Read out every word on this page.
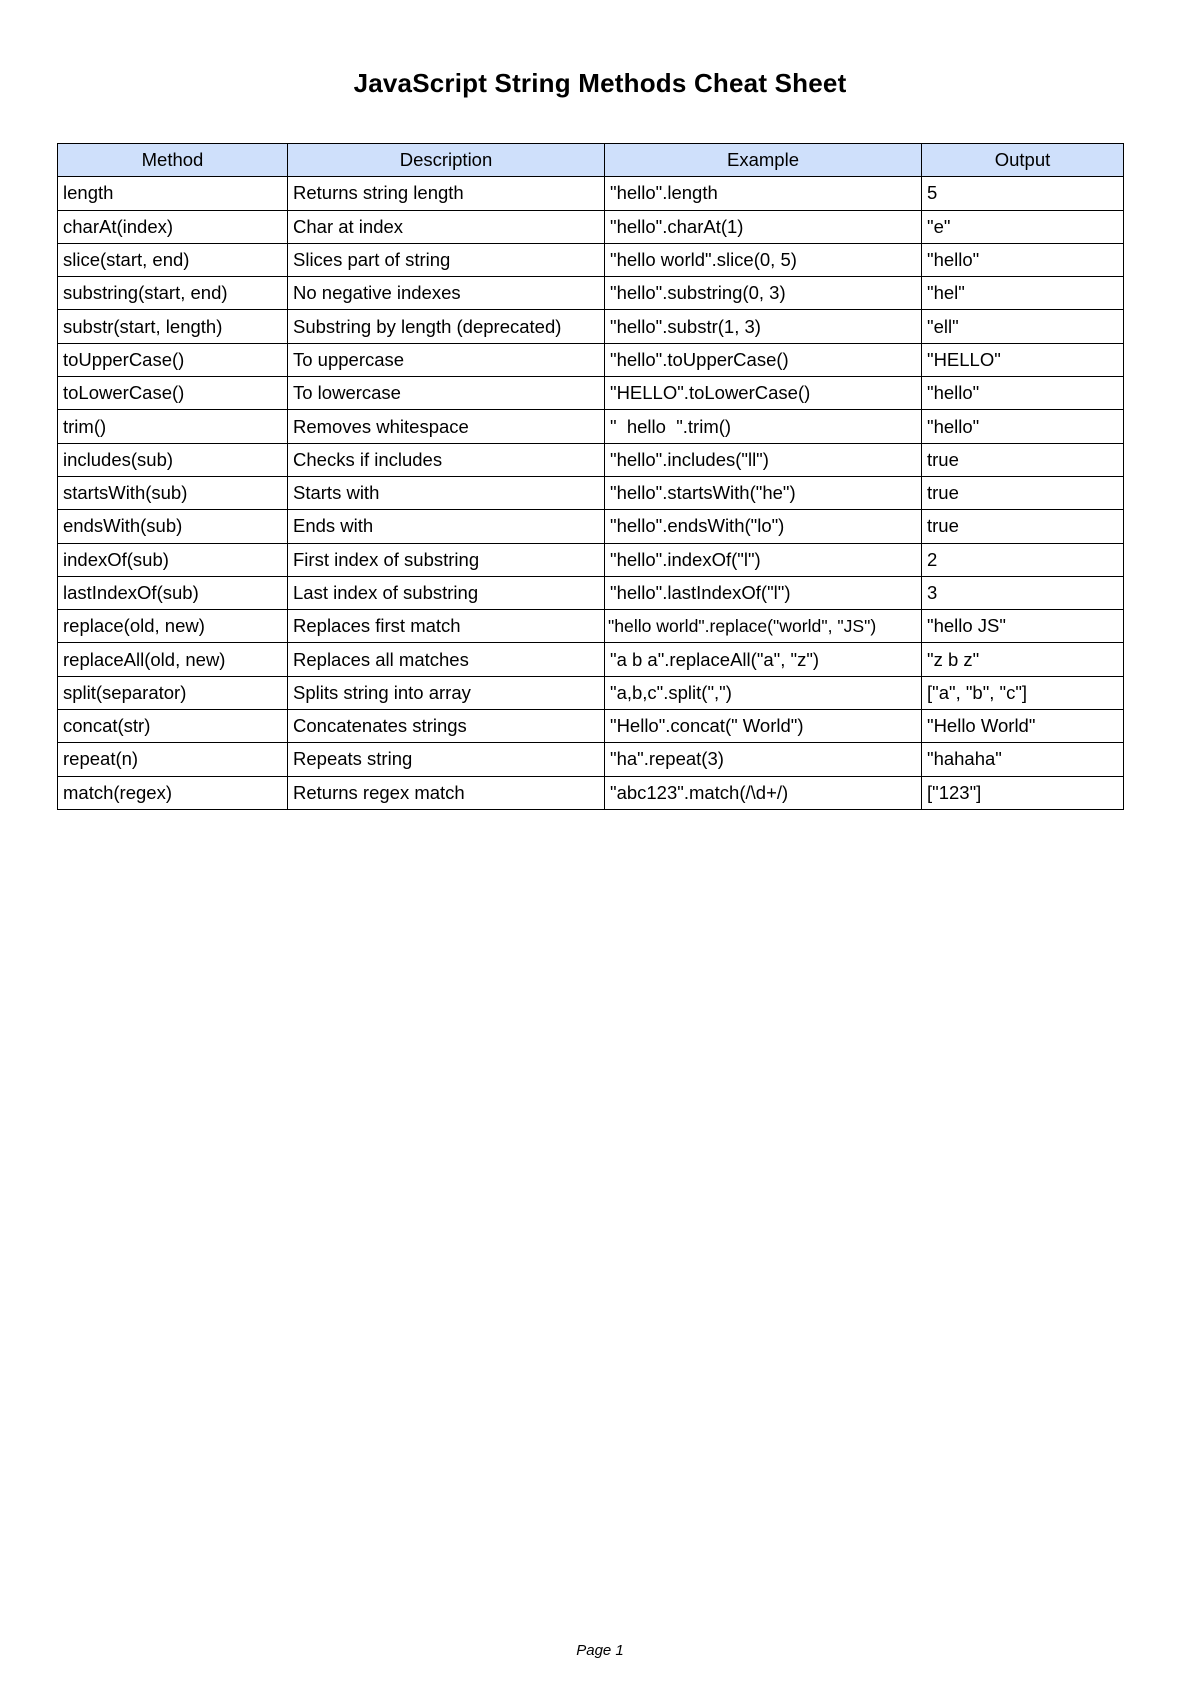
JavaScript String Methods Cheat Sheet
Method	Description	Example	Output
length	Returns string length	"hello".length	5
charAt(index)	Char at index	"hello".charAt(1)	"e"
slice(start, end)	Slices part of string	"hello world".slice(0, 5)	"hello"
substring(start, end)	No negative indexes	"hello".substring(0, 3)	"hel"
substr(start, length)	Substring by length (deprecated)	"hello".substr(1, 3)	"ell"
toUpperCase()	To uppercase	"hello".toUpperCase()	"HELLO"
toLowerCase()	To lowercase	"HELLO".toLowerCase()	"hello"
trim()	Removes whitespace	"  hello  ".trim()	"hello"
includes(sub)	Checks if includes	"hello".includes("ll")	true
startsWith(sub)	Starts with	"hello".startsWith("he")	true
endsWith(sub)	Ends with	"hello".endsWith("lo")	true
indexOf(sub)	First index of substring	"hello".indexOf("l")	2
lastIndexOf(sub)	Last index of substring	"hello".lastIndexOf("l")	3
replace(old, new)	Replaces first match	"hello world".replace("world", "JS")	"hello JS"
replaceAll(old, new)	Replaces all matches	"a b a".replaceAll("a", "z")	"z b z"
split(separator)	Splits string into array	"a,b,c".split(",")	["a", "b", "c"]
concat(str)	Concatenates strings	"Hello".concat(" World")	"Hello World"
repeat(n)	Repeats string	"ha".repeat(3)	"hahaha"
match(regex)	Returns regex match	"abc123".match(/\d+/)	["123"]
Page 1
